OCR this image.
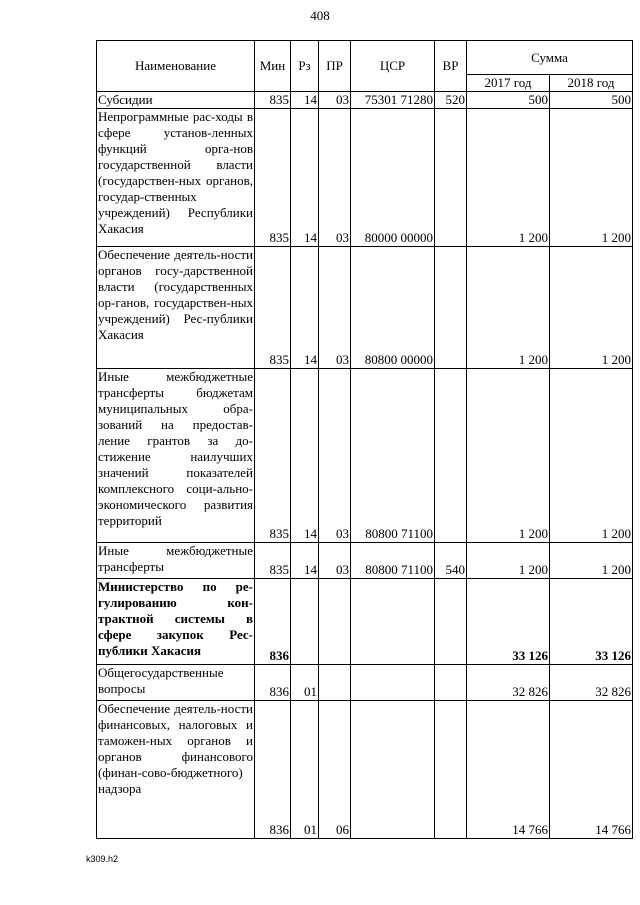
408
Наименование	Мин	Рз	ПР	ЦСР	ВР	Сумма	
						2017 год	2018 год
Субсидии	835	14	03	75301 71280	520	500	500
Непрограммные рас-ходы в сфере установ-ленных функций орга-нов государственной власти (государствен-ных органов, государ-ственных учреждений) Республики Хакасия	835	14	03	80000 00000		1 200	1 200
Обеспечение деятель-ности органов госу-дарственной власти (государственных ор-ганов, государствен-ных учреждений) Рес-публики Хакасия	835	14	03	80800 00000		1 200	1 200
Иные межбюджетные трансферты бюджетам муниципальных обра-зований на предостав-ление грантов за до-стижение наилучших значений показателей комплексного соци-ально-экономического развития территорий	835	14	03	80800 71100		1 200	1 200
Иные межбюджетные трансферты	835	14	03	80800 71100	540	1 200	1 200
Министерство по ре-гулированию кон-трактной системы в сфере закупок Рес-публики Хакасия	836					33 126	33 126
Общегосударственные вопросы	836	01				32 826	32 826
Обеспечение деятель-ности финансовых, налоговых и таможен-ных органов и органов финансового (финан-сово-бюджетного) надзора	836	01	06			14 766	14 766
k309.h2
